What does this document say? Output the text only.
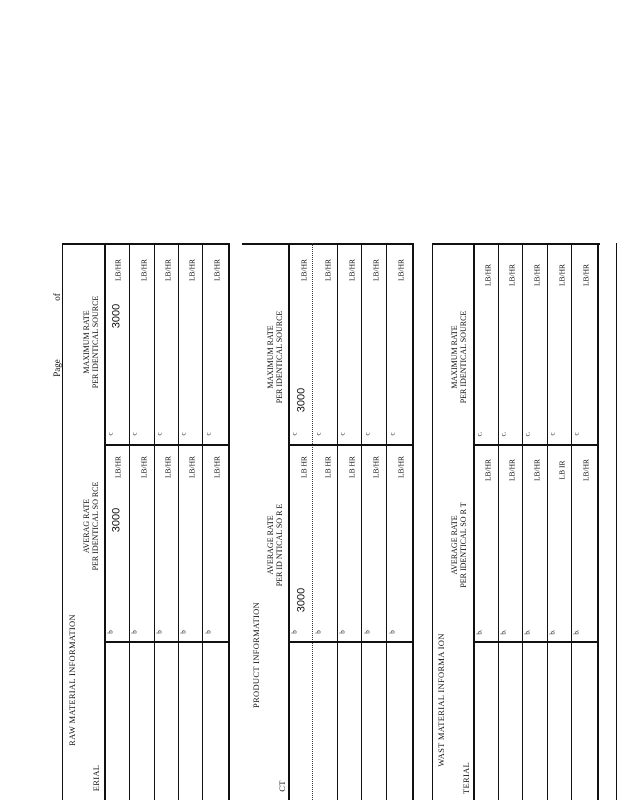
Page
of
RAW MATERIAL INFORMATION
ERIAL
AVERAG RATE PER IDENTICAL SO RCE
MAXIMUM RATE PER IDENTICAL SOURCE
b
3000
LB/HR
c
3000
LB/HR
b
LB/HR
c
LB/HR
b
LB/HR
c
LB/HR
b
LB/HR
c
LB/HR
b
LB/HR
c
LB/HR
PRODUCT INFORMATION
CT
AVERAGE RATE PER ID NTICAL SO R E
MAXIMUM RATE PER IDENTICAL SOURCE
b
3000
LB HR
c
3000
LB/HR
b
LB HR
c
LB/HR
b
LB HR
c
LB/HR
b
LB/HR
c
LB/HR
b
LB/HR
c
LB/HR
WAST MATERIAL INFORMA ION
TERIAL
AVERAGE RATE PER IDENTICAL SO R T
MAXIMUM RATE PER IDENTICAL SOURCE
b.
LB/HR
c.
LB/HR
b.
LB/HR
c.
LB/HR
b.
LB/HR
c.
LB/HR
b.
LB IR
c
LB/HR
b.
LB/HR
c
LB/HR
